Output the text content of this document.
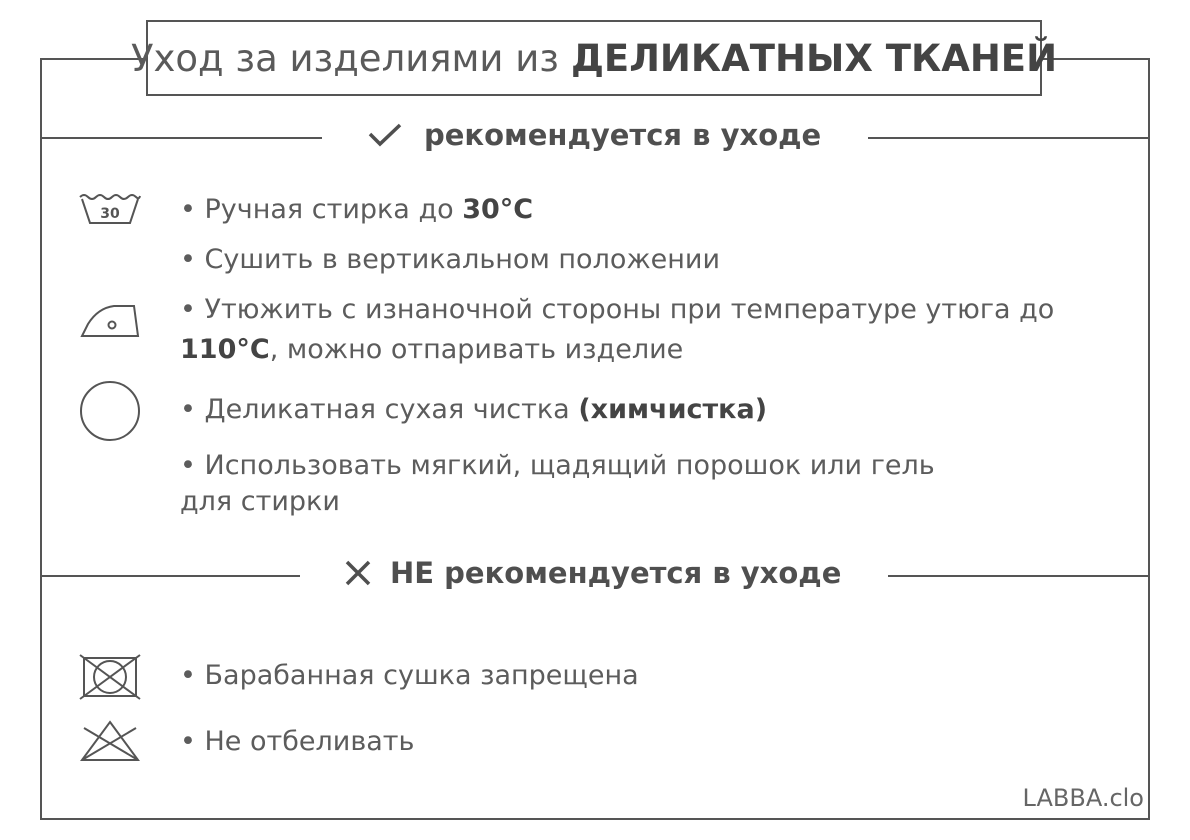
Уход за изделиями из ДЕЛИКАТНЫХ ТКАНЕЙ
рекомендуется в уходе
30 • Ручная стирка до 30°C
• Сушить в вертикальном положении
• Утюжить с изнаночной стороны при температуре утюга до
110°C, можно отпаривать изделие
• Деликатная сухая чистка (химчистка)
• Использовать мягкий, щадящий порошок или гель
для стирки
НЕ рекомендуется в уходе
• Барабанная сушка запрещена
• Не отбеливать
LABBA.clo
